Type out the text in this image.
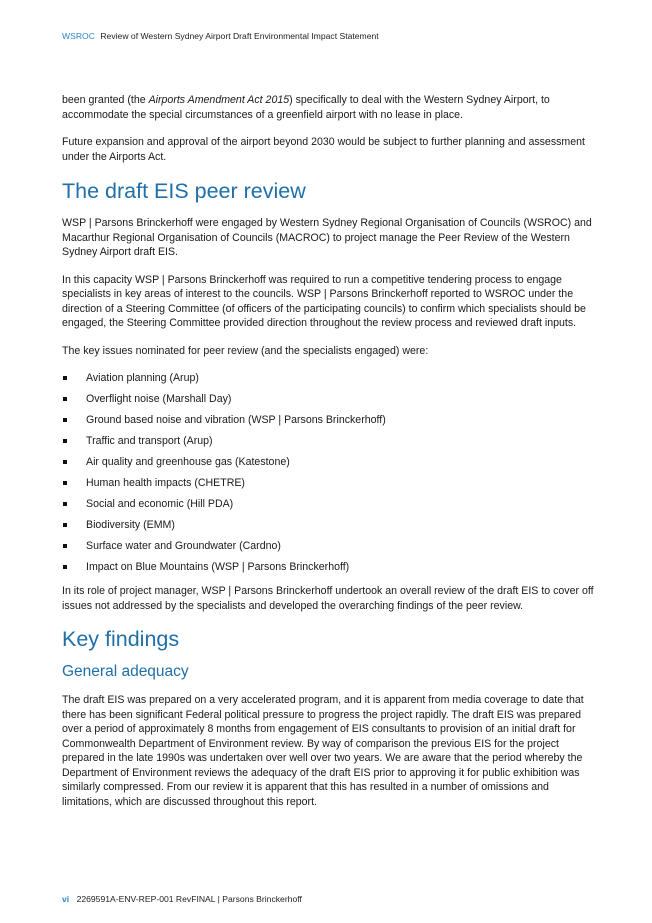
WSROC Review of Western Sydney Airport Draft Environmental Impact Statement

been granted (the Airports Amendment Act 2015) specifically to deal with the Western Sydney Airport, to accommodate the special circumstances of a greenfield airport with no lease in place.

Future expansion and approval of the airport beyond 2030 would be subject to further planning and assessment under the Airports Act.

The draft EIS peer review

WSP | Parsons Brinckerhoff were engaged by Western Sydney Regional Organisation of Councils (WSROC) and Macarthur Regional Organisation of Councils (MACROC) to project manage the Peer Review of the Western Sydney Airport draft EIS.

In this capacity WSP | Parsons Brinckerhoff was required to run a competitive tendering process to engage specialists in key areas of interest to the councils. WSP | Parsons Brinckerhoff reported to WSROC under the direction of a Steering Committee (of officers of the participating councils) to confirm which specialists should be engaged, the Steering Committee provided direction throughout the review process and reviewed draft inputs.

The key issues nominated for peer review (and the specialists engaged) were:

Aviation planning (Arup)
Overflight noise (Marshall Day)
Ground based noise and vibration (WSP | Parsons Brinckerhoff)
Traffic and transport (Arup)
Air quality and greenhouse gas (Katestone)
Human health impacts (CHETRE)
Social and economic (Hill PDA)
Biodiversity (EMM)
Surface water and Groundwater (Cardno)
Impact on Blue Mountains (WSP | Parsons Brinckerhoff)

In its role of project manager, WSP | Parsons Brinckerhoff undertook an overall review of the draft EIS to cover off issues not addressed by the specialists and developed the overarching findings of the peer review.

Key findings
General adequacy

The draft EIS was prepared on a very accelerated program, and it is apparent from media coverage to date that there has been significant Federal political pressure to progress the project rapidly. The draft EIS was prepared over a period of approximately 8 months from engagement of EIS consultants to provision of an initial draft for Commonwealth Department of Environment review. By way of comparison the previous EIS for the project prepared in the late 1990s was undertaken over well over two years. We are aware that the period whereby the Department of Environment reviews the adequacy of the draft EIS prior to approving it for public exhibition was similarly compressed. From our review it is apparent that this has resulted in a number of omissions and limitations, which are discussed throughout this report.

vi 2269591A-ENV-REP-001 RevFINAL | Parsons Brinckerhoff
